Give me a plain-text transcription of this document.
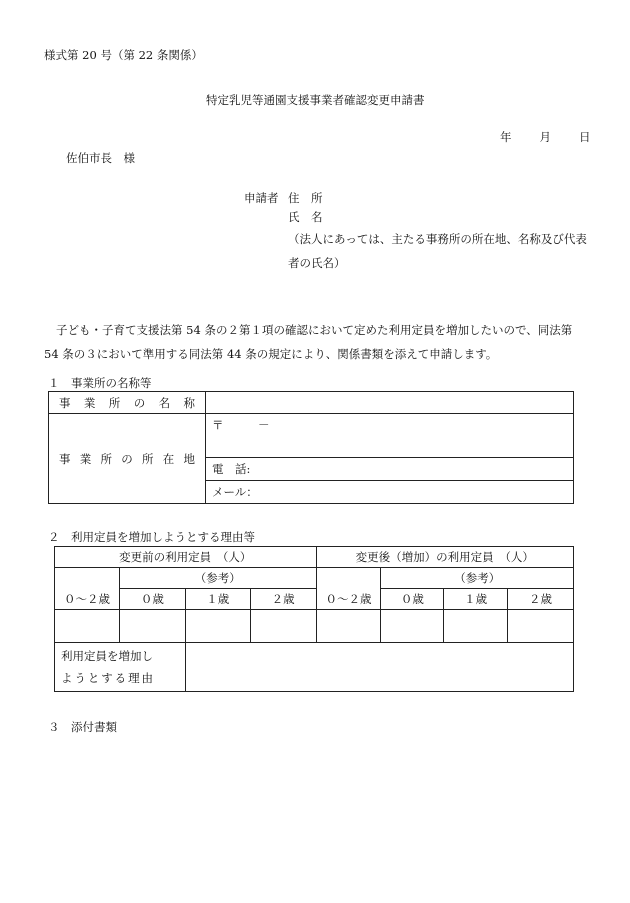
様式第 20 号（第 22 条関係）
特定乳児等通園支援事業者確認変更申請書
年 月 日
佐伯市長　様
申請者 住　所
氏　名
（法人にあっては、主たる事務所の所在地、名称及び代表者の氏名）
子ども・子育て支援法第 54 条の２第１項の確認において定めた利用定員を増加したいので、同法第 54 条の３において準用する同法第 44 条の規定により、関係書類を添えて申請します。
１　事業所の名称等
事業所の名称	
事業所の所在地	〒　　　－
	電　話:
	メール：
２　利用定員を増加しようとする理由等
変更前の利用定員　（人）				変更後（増加）の利用定員　（人）			
	（参考）				（参考）		
０～２歳	０歳	１歳	２歳	０～２歳	０歳	１歳	２歳

利用定員を増加しようとする理由							

３　添付書類
